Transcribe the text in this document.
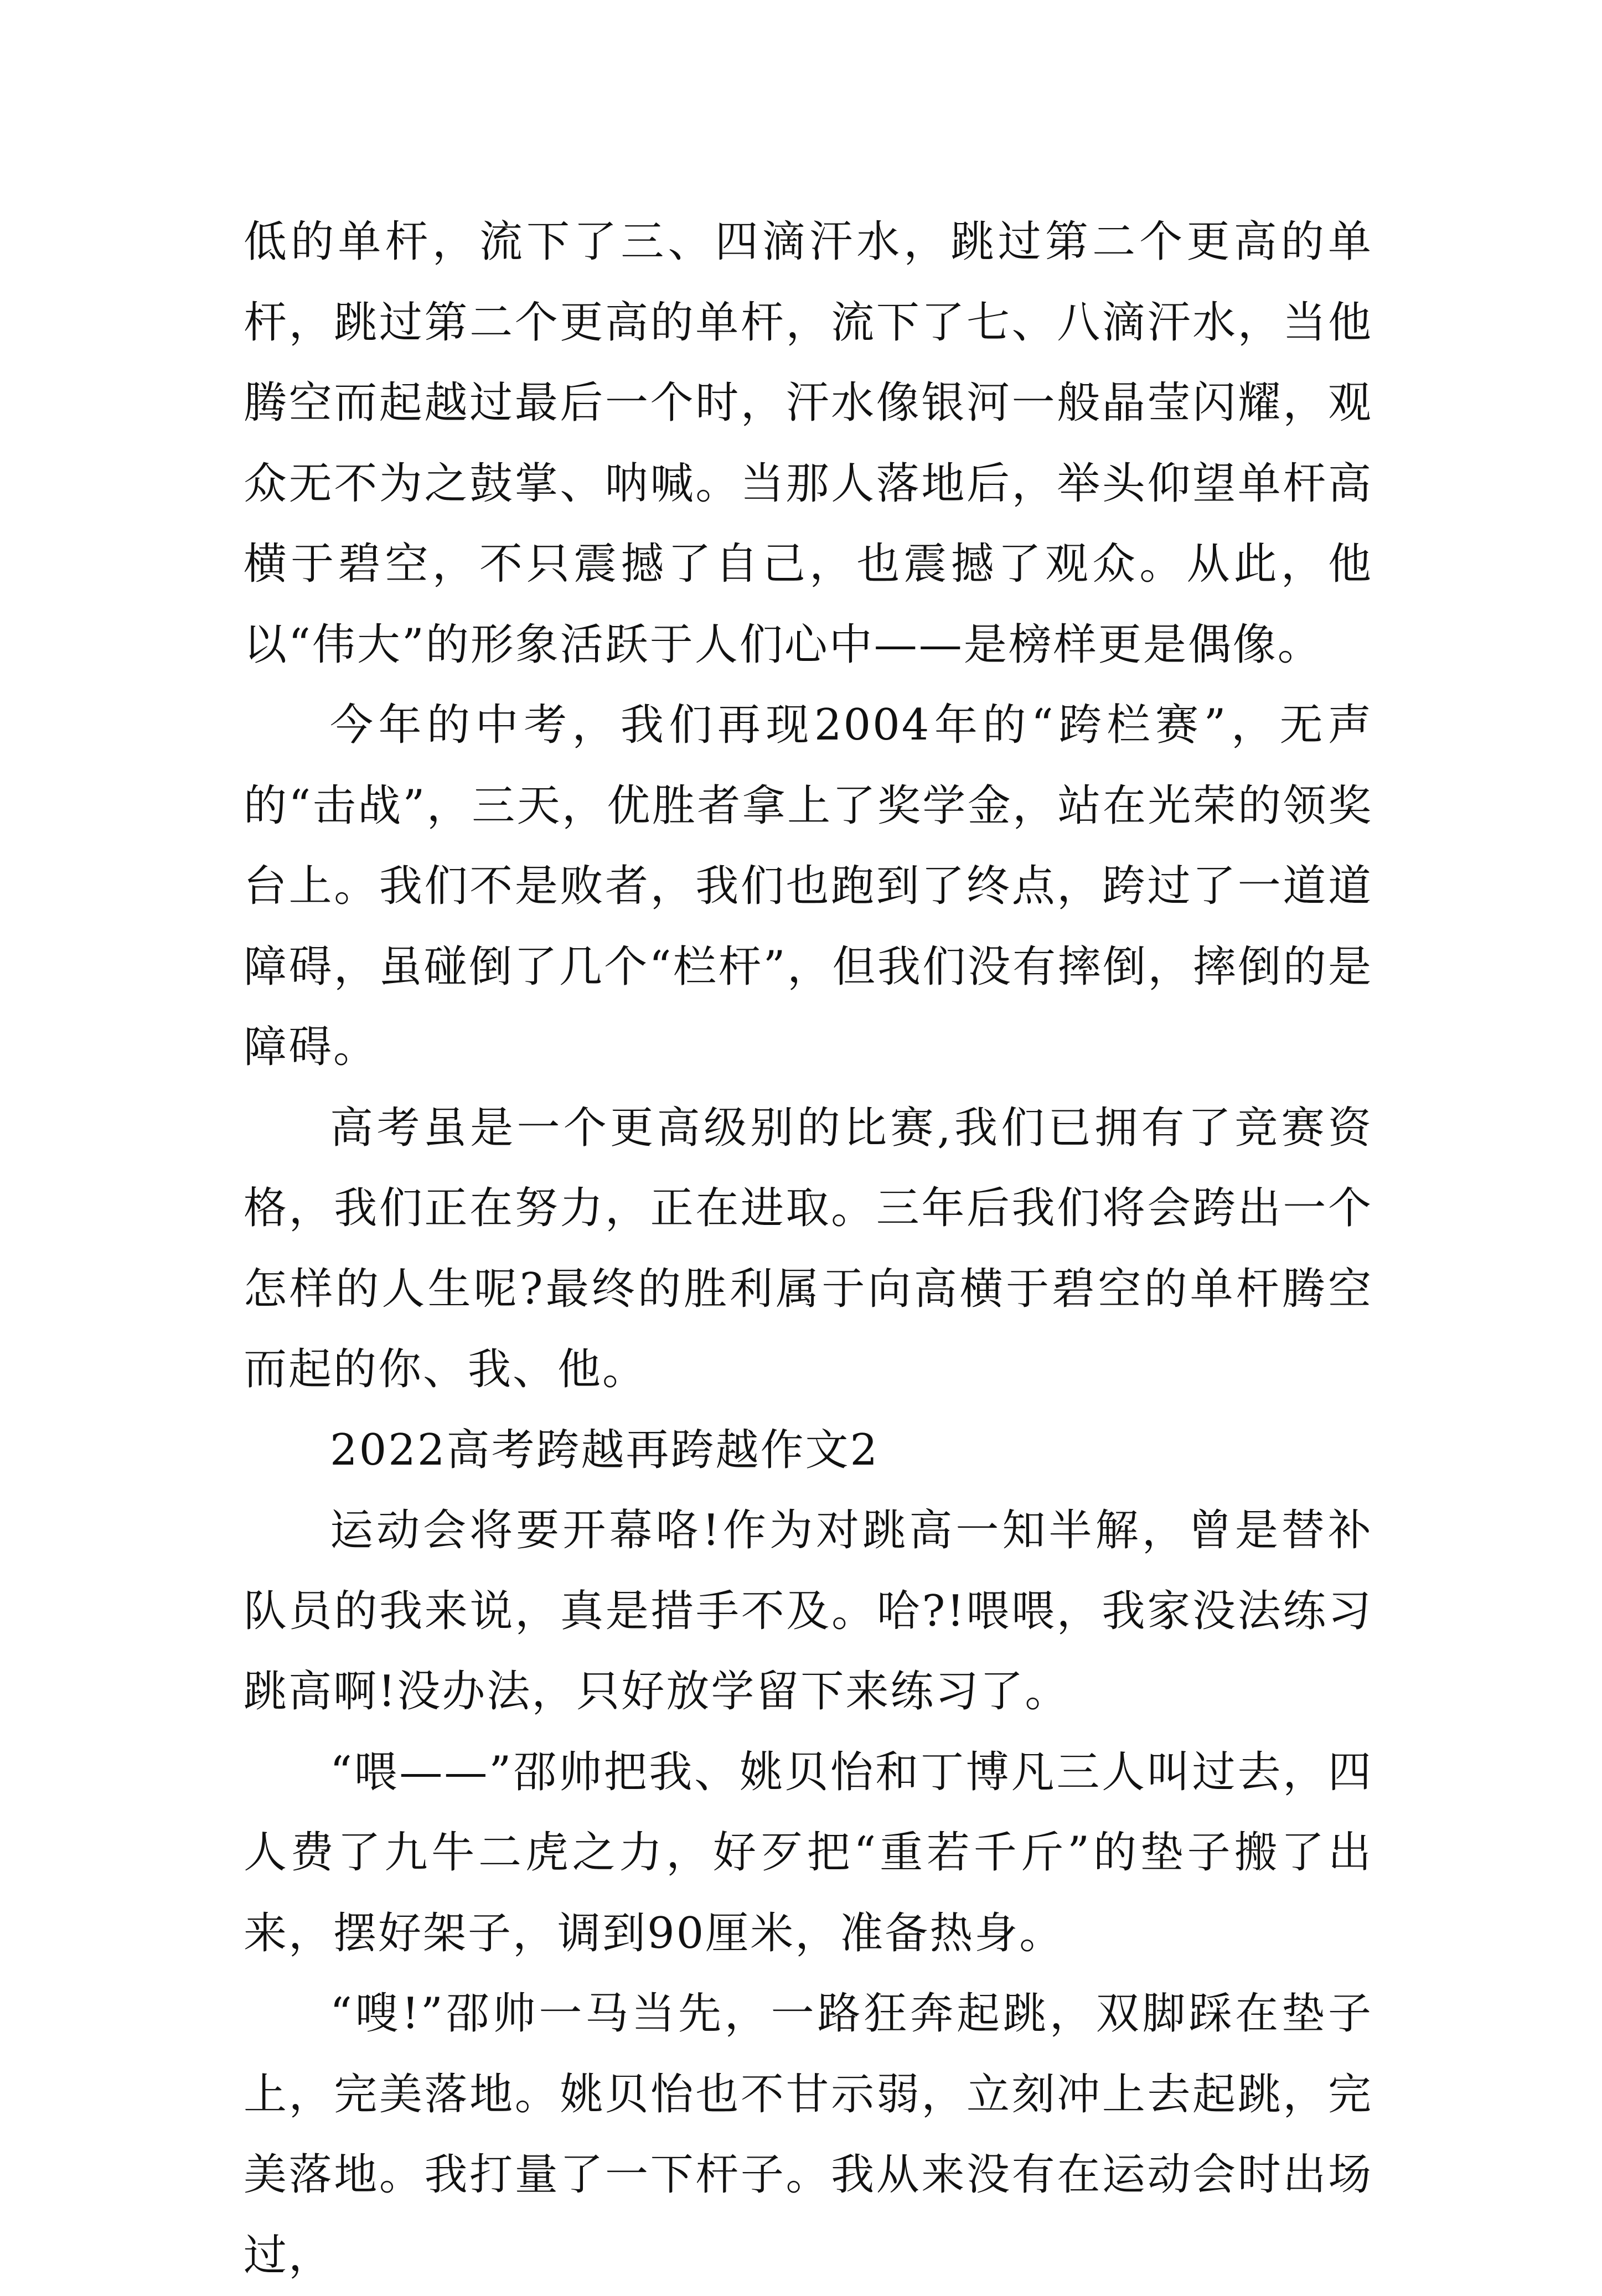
低的单杆，流下了三、四滴汗水，跳过第二个更高的单杆，跳过第二个更高的单杆，流下了七、八滴汗水，当他腾空而起越过最后一个时，汗水像银河一般晶莹闪耀，观众无不为之鼓掌、呐喊。当那人落地后，举头仰望单杆高横于碧空，不只震撼了自己，也震撼了观众。从此，他以“伟大”的形象活跃于人们心中——是榜样更是偶像。

今年的中考，我们再现2004年的“跨栏赛”，无声的“击战”，三天，优胜者拿上了奖学金，站在光荣的领奖台上。我们不是败者，我们也跑到了终点，跨过了一道道障碍，虽碰倒了几个“栏杆”，但我们没有摔倒，摔倒的是障碍。

高考虽是一个更高级别的比赛,我们已拥有了竞赛资格，我们正在努力，正在进取。三年后我们将会跨出一个怎样的人生呢?最终的胜利属于向高横于碧空的单杆腾空而起的你、我、他。

2022高考跨越再跨越作文2

运动会将要开幕咯!作为对跳高一知半解，曾是替补队员的我来说，真是措手不及。哈?!喂喂，我家没法练习跳高啊!没办法，只好放学留下来练习了。

“喂——”邵帅把我、姚贝怡和丁博凡三人叫过去，四人费了九牛二虎之力，好歹把“重若千斤”的垫子搬了出来，摆好架子，调到90厘米，准备热身。

“嗖!”邵帅一马当先，一路狂奔起跳，双脚踩在垫子上，完美落地。姚贝怡也不甘示弱，立刻冲上去起跳，完美落地。我打量了一下杆子。我从来没有在运动会时出场过，
